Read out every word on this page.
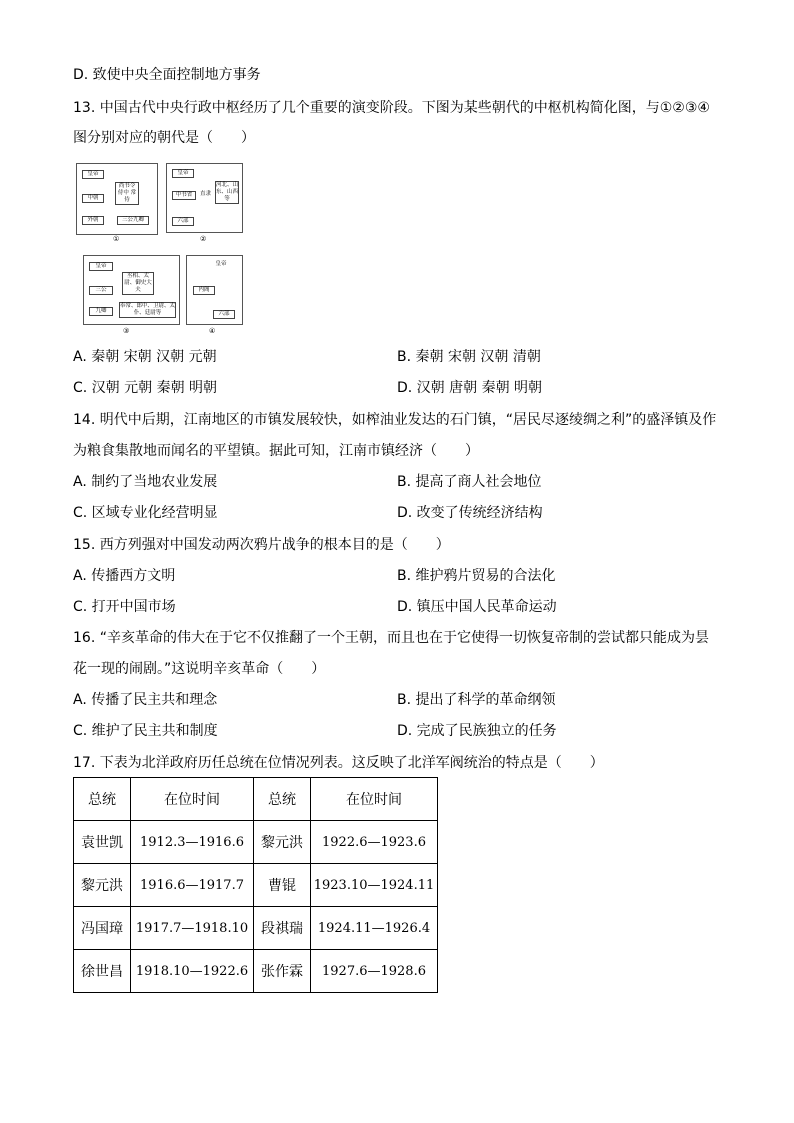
D. 致使中央全面控制地方事务
13. 中国古代中央行政中枢经历了几个重要的演变阶段。下图为某些朝代的中枢机构简化图，与①②③④
图分别对应的朝代是（　　）
皇帝
中朝
尚书令 侍中 常侍
外朝	三公九卿
①
皇帝
中书省	直隶
河北、山东、山西等
六部
②
皇帝
丞相、太尉、御史大夫
三公
九卿
奉常、郎中、卫尉、太仆、廷尉等
③
皇帝
内阁
六部
④
A. 秦朝 宋朝 汉朝 元朝	B. 秦朝 宋朝 汉朝 清朝
C. 汉朝 元朝 秦朝 明朝	D. 汉朝 唐朝 秦朝 明朝
14. 明代中后期，江南地区的市镇发展较快，如榨油业发达的石门镇，“居民尽逐绫绸之利”的盛泽镇及作
为粮食集散地而闻名的平望镇。据此可知，江南市镇经济（　　）
A. 制约了当地农业发展	B. 提高了商人社会地位
C. 区域专业化经营明显	D. 改变了传统经济结构
15. 西方列强对中国发动两次鸦片战争的根本目的是（　　）
A. 传播西方文明	B. 维护鸦片贸易的合法化
C. 打开中国市场	D. 镇压中国人民革命运动
16. “辛亥革命的伟大在于它不仅推翻了一个王朝，而且也在于它使得一切恢复帝制的尝试都只能成为昙
花一现的闹剧。”这说明辛亥革命（　　）
A. 传播了民主共和理念	B. 提出了科学的革命纲领
C. 维护了民主共和制度	D. 完成了民族独立的任务
17. 下表为北洋政府历任总统在位情况列表。这反映了北洋军阀统治的特点是（　　）
总统	在位时间	总统	在位时间
袁世凯	1912.3—1916.6	黎元洪	1922.6—1923.6
黎元洪	1916.6—1917.7	曹锟	1923.10—1924.11
冯国璋	1917.7—1918.10	段祺瑞	1924.11—1926.4
徐世昌	1918.10—1922.6	张作霖	1927.6—1928.6
